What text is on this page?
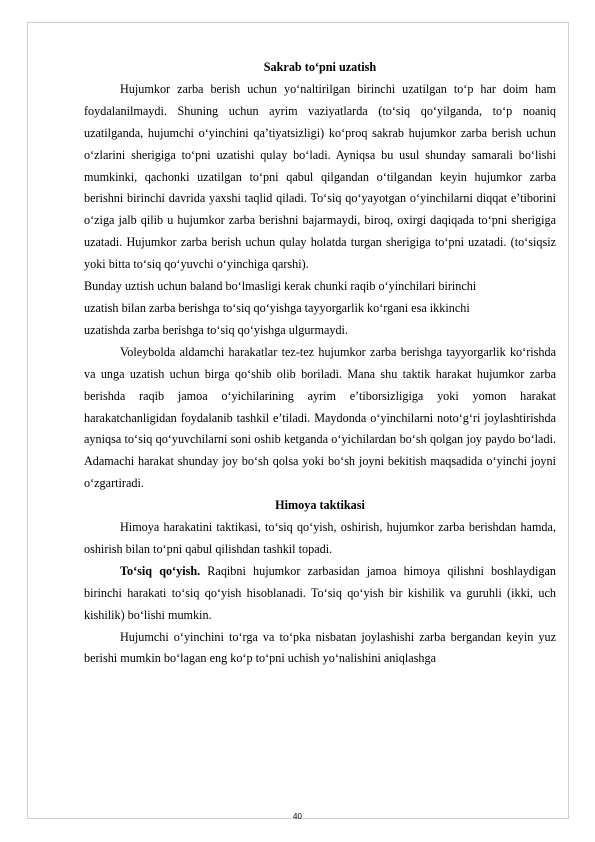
Sakrab to‘pni uzatish

Hujumkor zarba berish uchun yo‘naltirilgan birinchi uzatilgan to‘p har doim ham foydalanilmaydi. Shuning uchun ayrim vaziyatlarda (to‘siq qo‘yilganda, to‘p noaniq uzatilganda, hujumchi o‘yinchini qa’tiyatsizligi) ko‘proq sakrab hujumkor zarba berish uchun o‘zlarini sherigiga to‘pni uzatishi qulay bo‘ladi. Ayniqsa bu usul shunday samarali bo‘lishi mumkinki, qachonki uzatilgan to‘pni qabul qilgandan o‘tilgandan keyin hujumkor zarba berishni birinchi davrida yaxshi taqlid qiladi. To‘siq qo‘yayotgan o‘yinchilarni diqqat e’tiborini o‘ziga jalb qilib u hujumkor zarba berishni bajarmaydi, biroq, oxirgi daqiqada to‘pni sherigiga uzatadi. Hujumkor zarba berish uchun qulay holatda turgan sherigiga to‘pni uzatadi. (to‘siqsiz yoki bitta to‘siq qo‘yuvchi o‘yinchiga qarshi).

Bunday uztish uchun baland bo‘lmasligi kerak chunki raqib o‘yinchilari birinchi

uzatish bilan zarba berishga to‘siq qo‘yishga tayyorgarlik ko‘rgani esa ikkinchi

uzatishda zarba berishga to‘siq qo‘yishga ulgurmaydi.

Voleybolda aldamchi harakatlar tez-tez hujumkor zarba berishga tayyorgarlik ko‘rishda va unga uzatish uchun birga qo‘shib olib boriladi. Mana shu taktik harakat hujumkor zarba berishda raqib jamoa o‘yichilarining ayrim e’tiborsizligiga yoki yomon harakat harakatchanligidan foydalanib tashkil e’tiladi. Maydonda o‘yinchilarni noto‘g‘ri joylashtirishda ayniqsa to‘siq qo‘yuvchilarni soni oshib ketganda o‘yichilardan bo‘sh qolgan joy paydo bo‘ladi. Adamachi harakat shunday joy bo‘sh qolsa yoki bo‘sh joyni bekitish maqsadida o‘yinchi joyni o‘zgartiradi.

Himoya taktikasi

Himoya harakatini taktikasi, to‘siq qo‘yish, oshirish, hujumkor zarba berishdan hamda, oshirish bilan to‘pni qabul qilishdan tashkil topadi.

To‘siq qo‘yish. Raqibni hujumkor zarbasidan jamoa himoya qilishni boshlaydigan birinchi harakati to‘siq qo‘yish hisoblanadi. To‘siq qo‘yish bir kishilik va guruhli (ikki, uch kishilik) bo‘lishi mumkin.

Hujumchi o‘yinchini to‘rga va to‘pka nisbatan joylashishi zarba bergandan keyin yuz berishi mumkin bo‘lagan eng ko‘p to‘pni uchish yo‘nalishini aniqlashga

40
